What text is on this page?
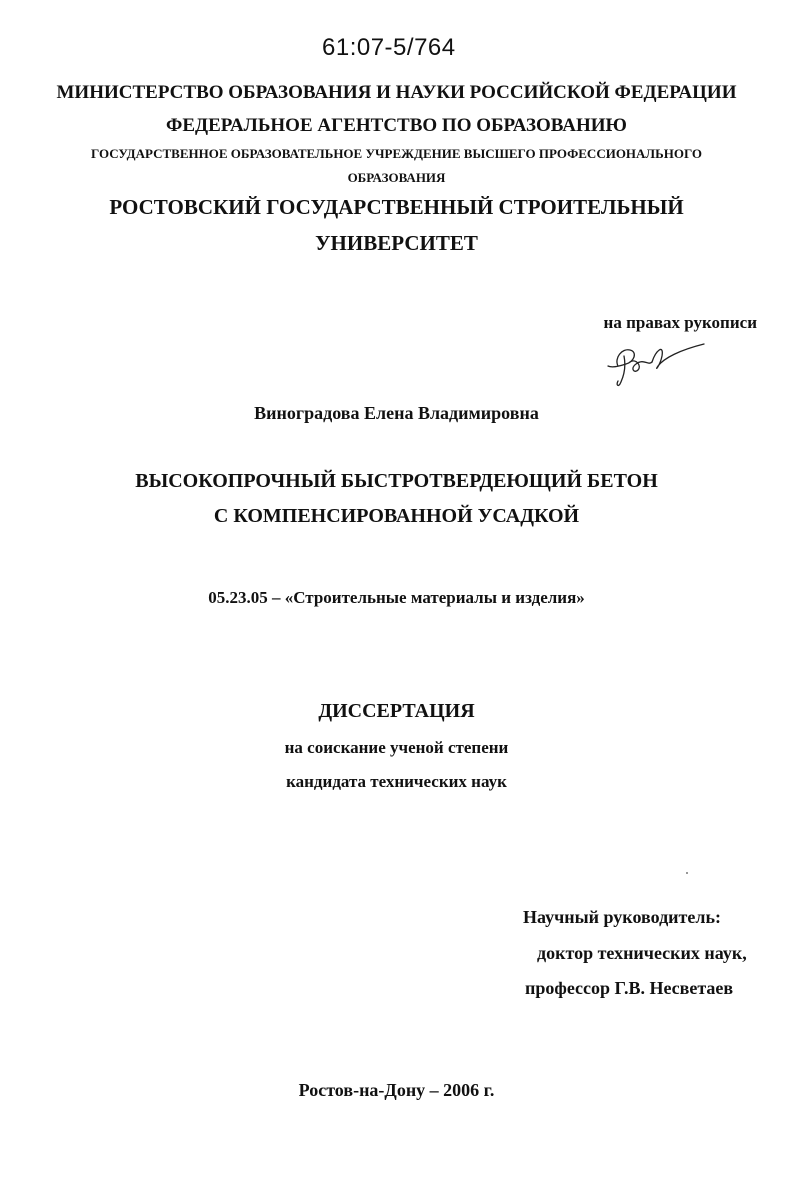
61:07-5/764
МИНИСТЕРСТВО ОБРАЗОВАНИЯ И НАУКИ РОССИЙСКОЙ ФЕДЕРАЦИИ
ФЕДЕРАЛЬНОЕ АГЕНТСТВО ПО ОБРАЗОВАНИЮ
ГОСУДАРСТВЕННОЕ ОБРАЗОВАТЕЛЬНОЕ УЧРЕЖДЕНИЕ ВЫСШЕГО ПРОФЕССИОНАЛЬНОГО
ОБРАЗОВАНИЯ
РОСТОВСКИЙ ГОСУДАРСТВЕННЫЙ СТРОИТЕЛЬНЫЙ
УНИВЕРСИТЕТ
на правах рукописи
Виноградова Елена Владимировна
ВЫСОКОПРОЧНЫЙ БЫСТРОТВЕРДЕЮЩИЙ БЕТОН
С КОМПЕНСИРОВАННОЙ УСАДКОЙ
05.23.05 – «Строительные материалы и изделия»
ДИССЕРТАЦИЯ
на соискание ученой степени
кандидата технических наук
Научный руководитель:
доктор технических наук,
профессор Г.В. Несветаев
Ростов-на-Дону – 2006 г.
